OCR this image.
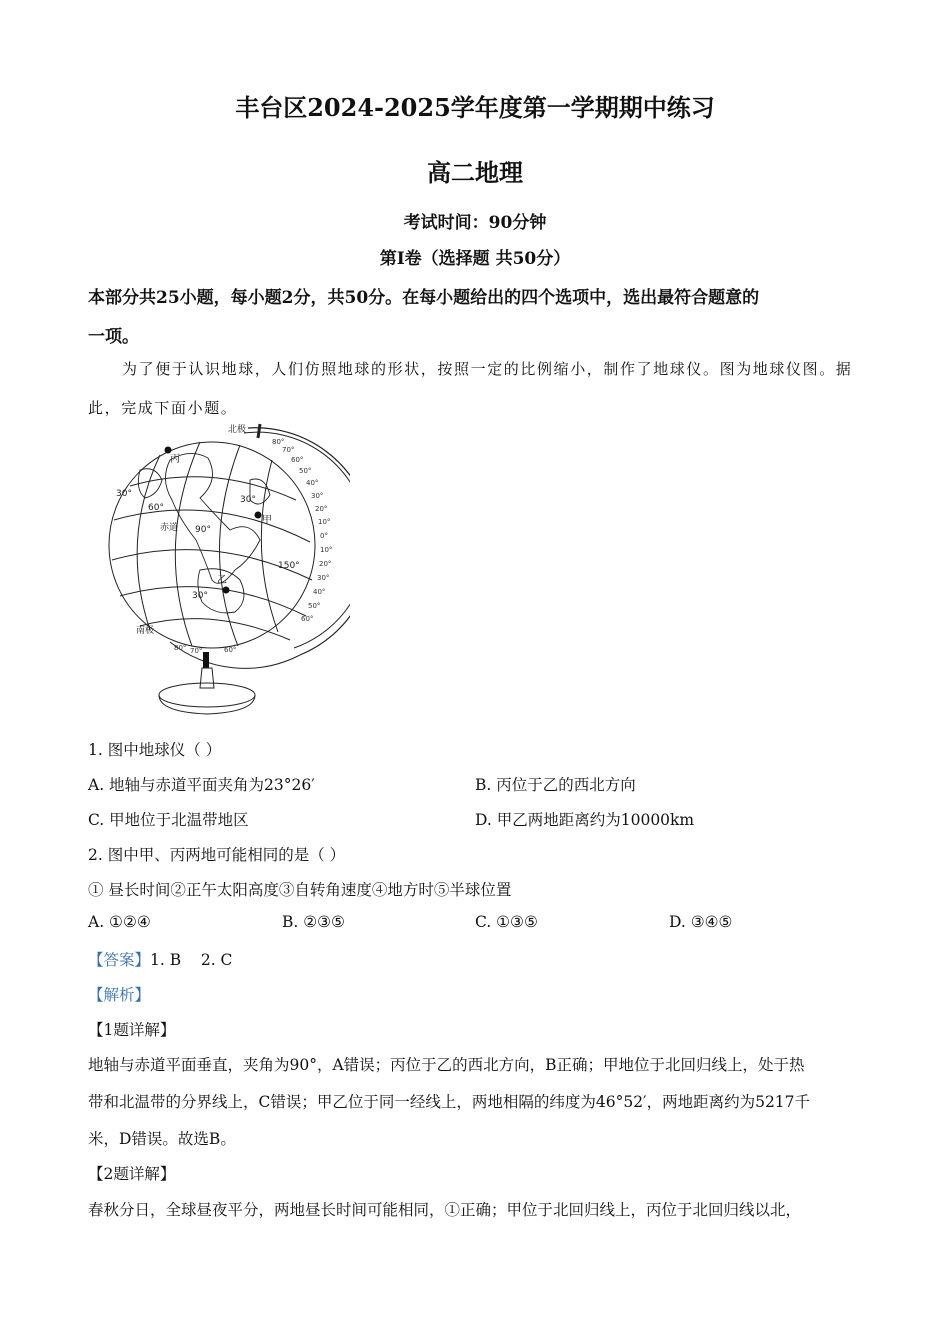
丰台区2024-2025学年度第一学期期中练习
高二地理
考试时间：90分钟
第I卷（选择题 共50分）
本部分共25小题，每小题2分，共50分。在每小题给出的四个选项中，选出最符合题意的
一项。
为了便于认识地球，人们仿照地球的形状，按照一定的比例缩小，制作了地球仪。图为地球仪图。据
此，完成下面小题。
北极
南极
赤道
丙
甲
乙
30°
60°
90°
30°
150°
30°
80°
70°
60°
50°
40°
30°
20°
10°
0°
10°
20°
30°
40°
50°
60°
80° 70°	60°
1. 图中地球仪（ ）
A. 地轴与赤道平面夹角为23°26′	B. 丙位于乙的西北方向
C. 甲地位于北温带地区	D. 甲乙两地距离约为10000km
2. 图中甲、丙两地可能相同的是（ ）
① 昼长时间②正午太阳高度③自转角速度④地方时⑤半球位置
A. ①②④	B. ②③⑤	C. ①③⑤	D. ③④⑤
【答案】1. B    2. C
【解析】
【1题详解】
地轴与赤道平面垂直，夹角为90°，A错误；丙位于乙的西北方向，B正确；甲地位于北回归线上，处于热
带和北温带的分界线上，C错误；甲乙位于同一经线上，两地相隔的纬度为46°52′，两地距离约为5217千
米，D错误。故选B。
【2题详解】
春秋分日，全球昼夜平分，两地昼长时间可能相同，①正确；甲位于北回归线上，丙位于北回归线以北，
